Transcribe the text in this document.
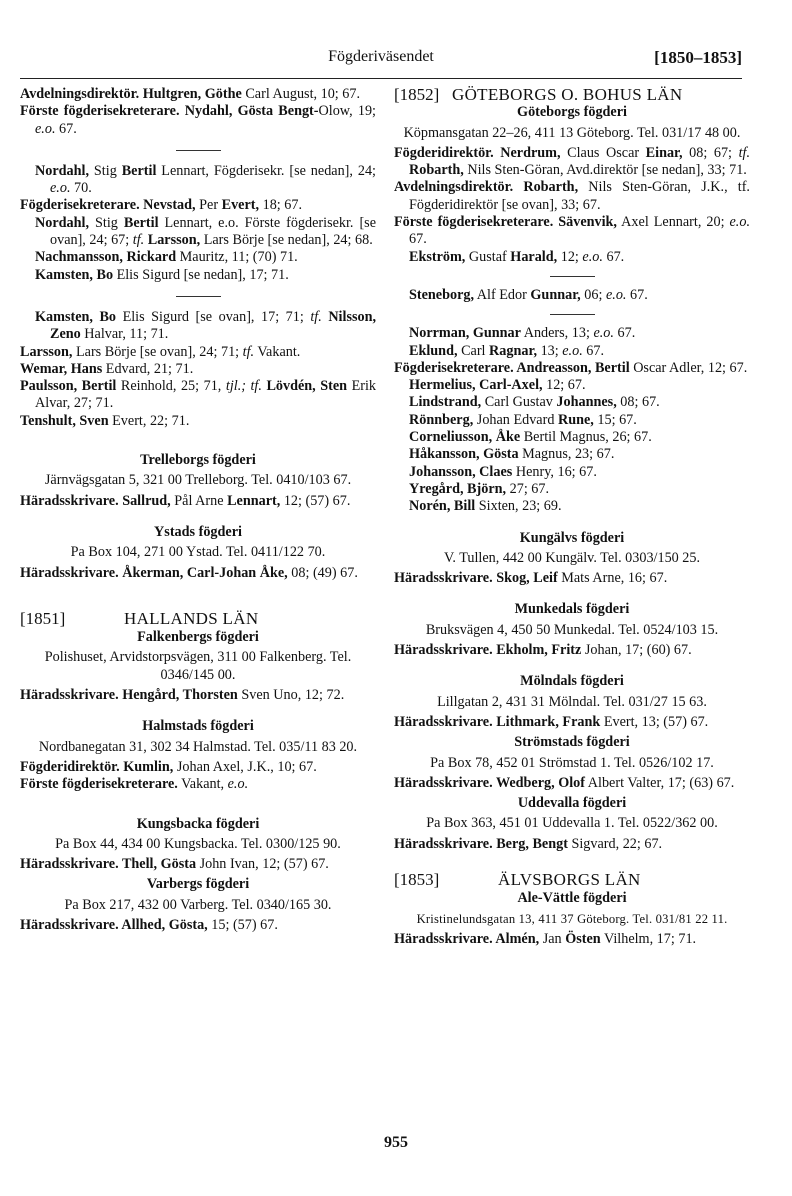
Fögderiväsendet	[1850–1853]

Avdelningsdirektör. Hultgren, Göthe Carl August, 10; 67.

Förste fögderisekreterare. Nydahl, Gösta Bengt-Olow, 19; e.o. 67.

Nordahl, Stig Bertil Lennart, Fögderisekr. [se nedan], 24; e.o. 70.

Fögderisekreterare. Nevstad, Per Evert, 18; 67.

Nordahl, Stig Bertil Lennart, e.o. Förste fögderisekr. [se ovan], 24; 67; tf. Larsson, Lars Börje [se nedan], 24; 68.

Nachmansson, Rickard Mauritz, 11; (70) 71.

Kamsten, Bo Elis Sigurd [se nedan], 17; 71.

Kamsten, Bo Elis Sigurd [se ovan], 17; 71; tf. Nilsson, Zeno Halvar, 11; 71.

Larsson, Lars Börje [se ovan], 24; 71; tf. Vakant.

Wemar, Hans Edvard, 21; 71.

Paulsson, Bertil Reinhold, 25; 71, tjl.; tf. Lövdén, Sten Erik Alvar, 27; 71.

Tenshult, Sven Evert, 22; 71.

Trelleborgs fögderi
Järnvägsgatan 5, 321 00 Trelleborg. Tel. 0410/103 67.

Häradsskrivare. Sallrud, Pål Arne Lennart, 12; (57) 67.

Ystads fögderi
Pa Box 104, 271 00 Ystad. Tel. 0411/122 70.

Häradsskrivare. Åkerman, Carl-Johan Åke, 08; (49) 67.

[1851]	HALLANDS LÄN
Falkenbergs fögderi
Polishuset, Arvidstorpsvägen, 311 00 Falkenberg. Tel. 0346/145 00.

Häradsskrivare. Hengård, Thorsten Sven Uno, 12; 72.

Halmstads fögderi
Nordbanegatan 31, 302 34 Halmstad. Tel. 035/11 83 20.

Fögderidirektör. Kumlin, Johan Axel, J.K., 10; 67.

Förste fögderisekreterare. Vakant, e.o.

Kungsbacka fögderi
Pa Box 44, 434 00 Kungsbacka. Tel. 0300/125 90.

Häradsskrivare. Thell, Gösta John Ivan, 12; (57) 67.

Varbergs fögderi
Pa Box 217, 432 00 Varberg. Tel. 0340/165 30.

Häradsskrivare. Allhed, Gösta, 15; (57) 67.

[1852] GÖTEBORGS O. BOHUS LÄN
Göteborgs fögderi
Köpmansgatan 22–26, 411 13 Göteborg. Tel. 031/17 48 00.

Fögderidirektör. Nerdrum, Claus Oscar Einar, 08; 67; tf. Robarth, Nils Sten-Göran, Avd.direktör [se nedan], 33; 71.

Avdelningsdirektör. Robarth, Nils Sten-Göran, J.K., tf. Fögderidirektör [se ovan], 33; 67.

Förste fögderisekreterare. Sävenvik, Axel Lennart, 20; e.o. 67.

Ekström, Gustaf Harald, 12; e.o. 67.

Steneborg, Alf Edor Gunnar, 06; e.o. 67.

Norrman, Gunnar Anders, 13; e.o. 67.

Eklund, Carl Ragnar, 13; e.o. 67.

Fögderisekreterare. Andreasson, Bertil Oscar Adler, 12; 67.

Hermelius, Carl-Axel, 12; 67.

Lindstrand, Carl Gustav Johannes, 08; 67.

Rönnberg, Johan Edvard Rune, 15; 67.

Corneliusson, Åke Bertil Magnus, 26; 67.

Håkansson, Gösta Magnus, 23; 67.

Johansson, Claes Henry, 16; 67.

Yregård, Björn, 27; 67.

Norén, Bill Sixten, 23; 69.

Kungälvs fögderi
V. Tullen, 442 00 Kungälv. Tel. 0303/150 25.

Häradsskrivare. Skog, Leif Mats Arne, 16; 67.

Munkedals fögderi
Bruksvägen 4, 450 50 Munkedal. Tel. 0524/103 15.

Häradsskrivare. Ekholm, Fritz Johan, 17; (60) 67.

Mölndals fögderi
Lillgatan 2, 431 31 Mölndal. Tel. 031/27 15 63.

Häradsskrivare. Lithmark, Frank Evert, 13; (57) 67.

Strömstads fögderi
Pa Box 78, 452 01 Strömstad 1. Tel. 0526/102 17.

Häradsskrivare. Wedberg, Olof Albert Valter, 17; (63) 67.

Uddevalla fögderi
Pa Box 363, 451 01 Uddevalla 1. Tel. 0522/362 00.

Häradsskrivare. Berg, Bengt Sigvard, 22; 67.

[1853]	ÄLVSBORGS LÄN
Ale-Vättle fögderi
Kristinelundsgatan 13, 411 37 Göteborg. Tel. 031/81 22 11.

Häradsskrivare. Almén, Jan Östen Vilhelm, 17; 71.

955
